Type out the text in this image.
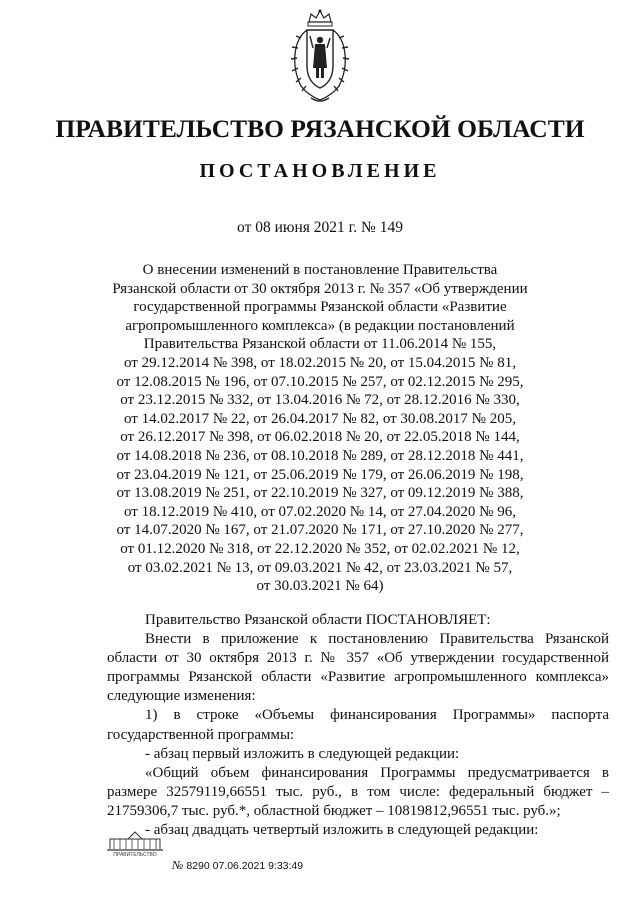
ПРАВИТЕЛЬСТВО РЯЗАНСКОЙ ОБЛАСТИ
ПОСТАНОВЛЕНИЕ
от 08 июня 2021 г. № 149
О внесении изменений в постановление Правительства
Рязанской области от 30 октября 2013 г. № 357 «Об утверждении
государственной программы Рязанской области «Развитие
агропромышленного комплекса» (в редакции постановлений
Правительства Рязанской области от 11.06.2014 № 155,
от 29.12.2014 № 398, от 18.02.2015 № 20, от 15.04.2015 № 81,
от 12.08.2015 № 196, от 07.10.2015 № 257, от 02.12.2015 № 295,
от 23.12.2015 № 332, от 13.04.2016 № 72, от 28.12.2016 № 330,
от 14.02.2017 № 22, от 26.04.2017 № 82, от 30.08.2017 № 205,
от 26.12.2017 № 398, от 06.02.2018 № 20, от 22.05.2018 № 144,
от 14.08.2018 № 236, от 08.10.2018 № 289, от 28.12.2018 № 441,
от 23.04.2019 № 121, от 25.06.2019 № 179, от 26.06.2019 № 198,
от 13.08.2019 № 251, от 22.10.2019 № 327, от 09.12.2019 № 388,
от 18.12.2019 № 410, от 07.02.2020 № 14, от 27.04.2020 № 96,
от 14.07.2020 № 167, от 21.07.2020 № 171, от 27.10.2020 № 277,
от 01.12.2020 № 318, от 22.12.2020 № 352, от 02.02.2021 № 12,
от 03.02.2021 № 13, от 09.03.2021 № 42, от 23.03.2021 № 57,
от 30.03.2021 № 64)
Правительство Рязанской области ПОСТАНОВЛЯЕТ:
Внести в приложение к постановлению Правительства Рязанской
области от 30 октября 2013 г. № 357 «Об утверждении государственной
программы Рязанской области «Развитие агропромышленного комплекса»
следующие изменения:
1) в строке «Объемы финансирования Программы» паспорта
государственной программы:
- абзац первый изложить в следующей редакции:
«Общий объем финансирования Программы предусматривается в
размере 32579119,66551 тыс. руб., в том числе: федеральный бюджет –
21759306,7 тыс. руб.*, областной бюджет – 10819812,96551 тыс. руб.»;
- абзац двадцать четвертый изложить в следующей редакции:
ПРАВИТЕЛЬСТВО
№ 8290 07.06.2021 9:33:49
